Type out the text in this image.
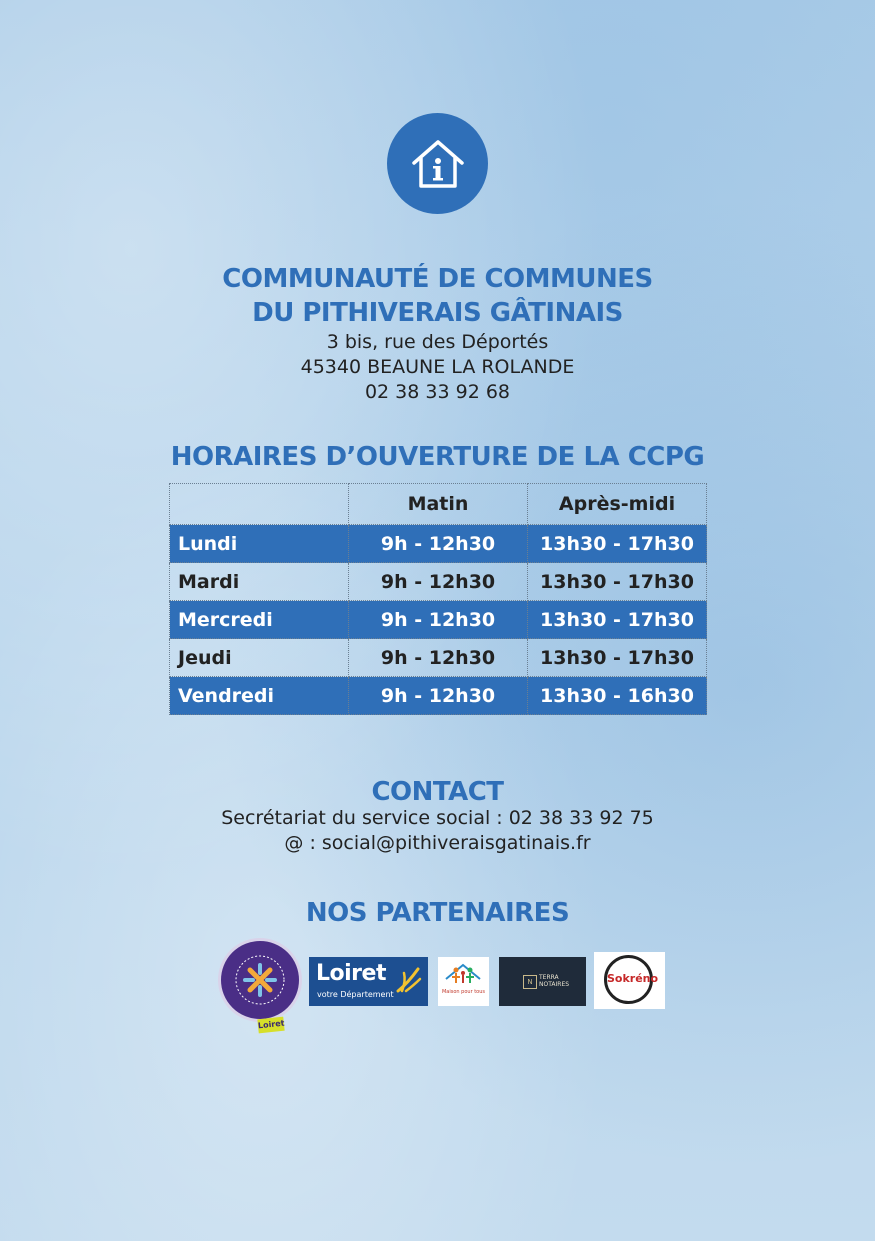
COMMUNAUTÉ DE COMMUNES
DU PITHIVERAIS GÂTINAIS
3 bis, rue des Déportés
45340 BEAUNE LA ROLANDE
02 38 33 92 68
HORAIRES D’OUVERTURE DE LA CCPG
	Matin	Après-midi
Lundi	9h - 12h30	13h30 - 17h30
Mardi	9h - 12h30	13h30 - 17h30
Mercredi	9h - 12h30	13h30 - 17h30
Jeudi	9h - 12h30	13h30 - 17h30
Vendredi	9h - 12h30	13h30 - 16h30
CONTACT
Secrétariat du service social : 02 38 33 92 75
@ : social@pithiveraisgatinais.fr
NOS PARTENAIRES
Loiret
Loiret
votre Département	Maison pour tous
N
TERRA
NOTAIRES	Sokréno
